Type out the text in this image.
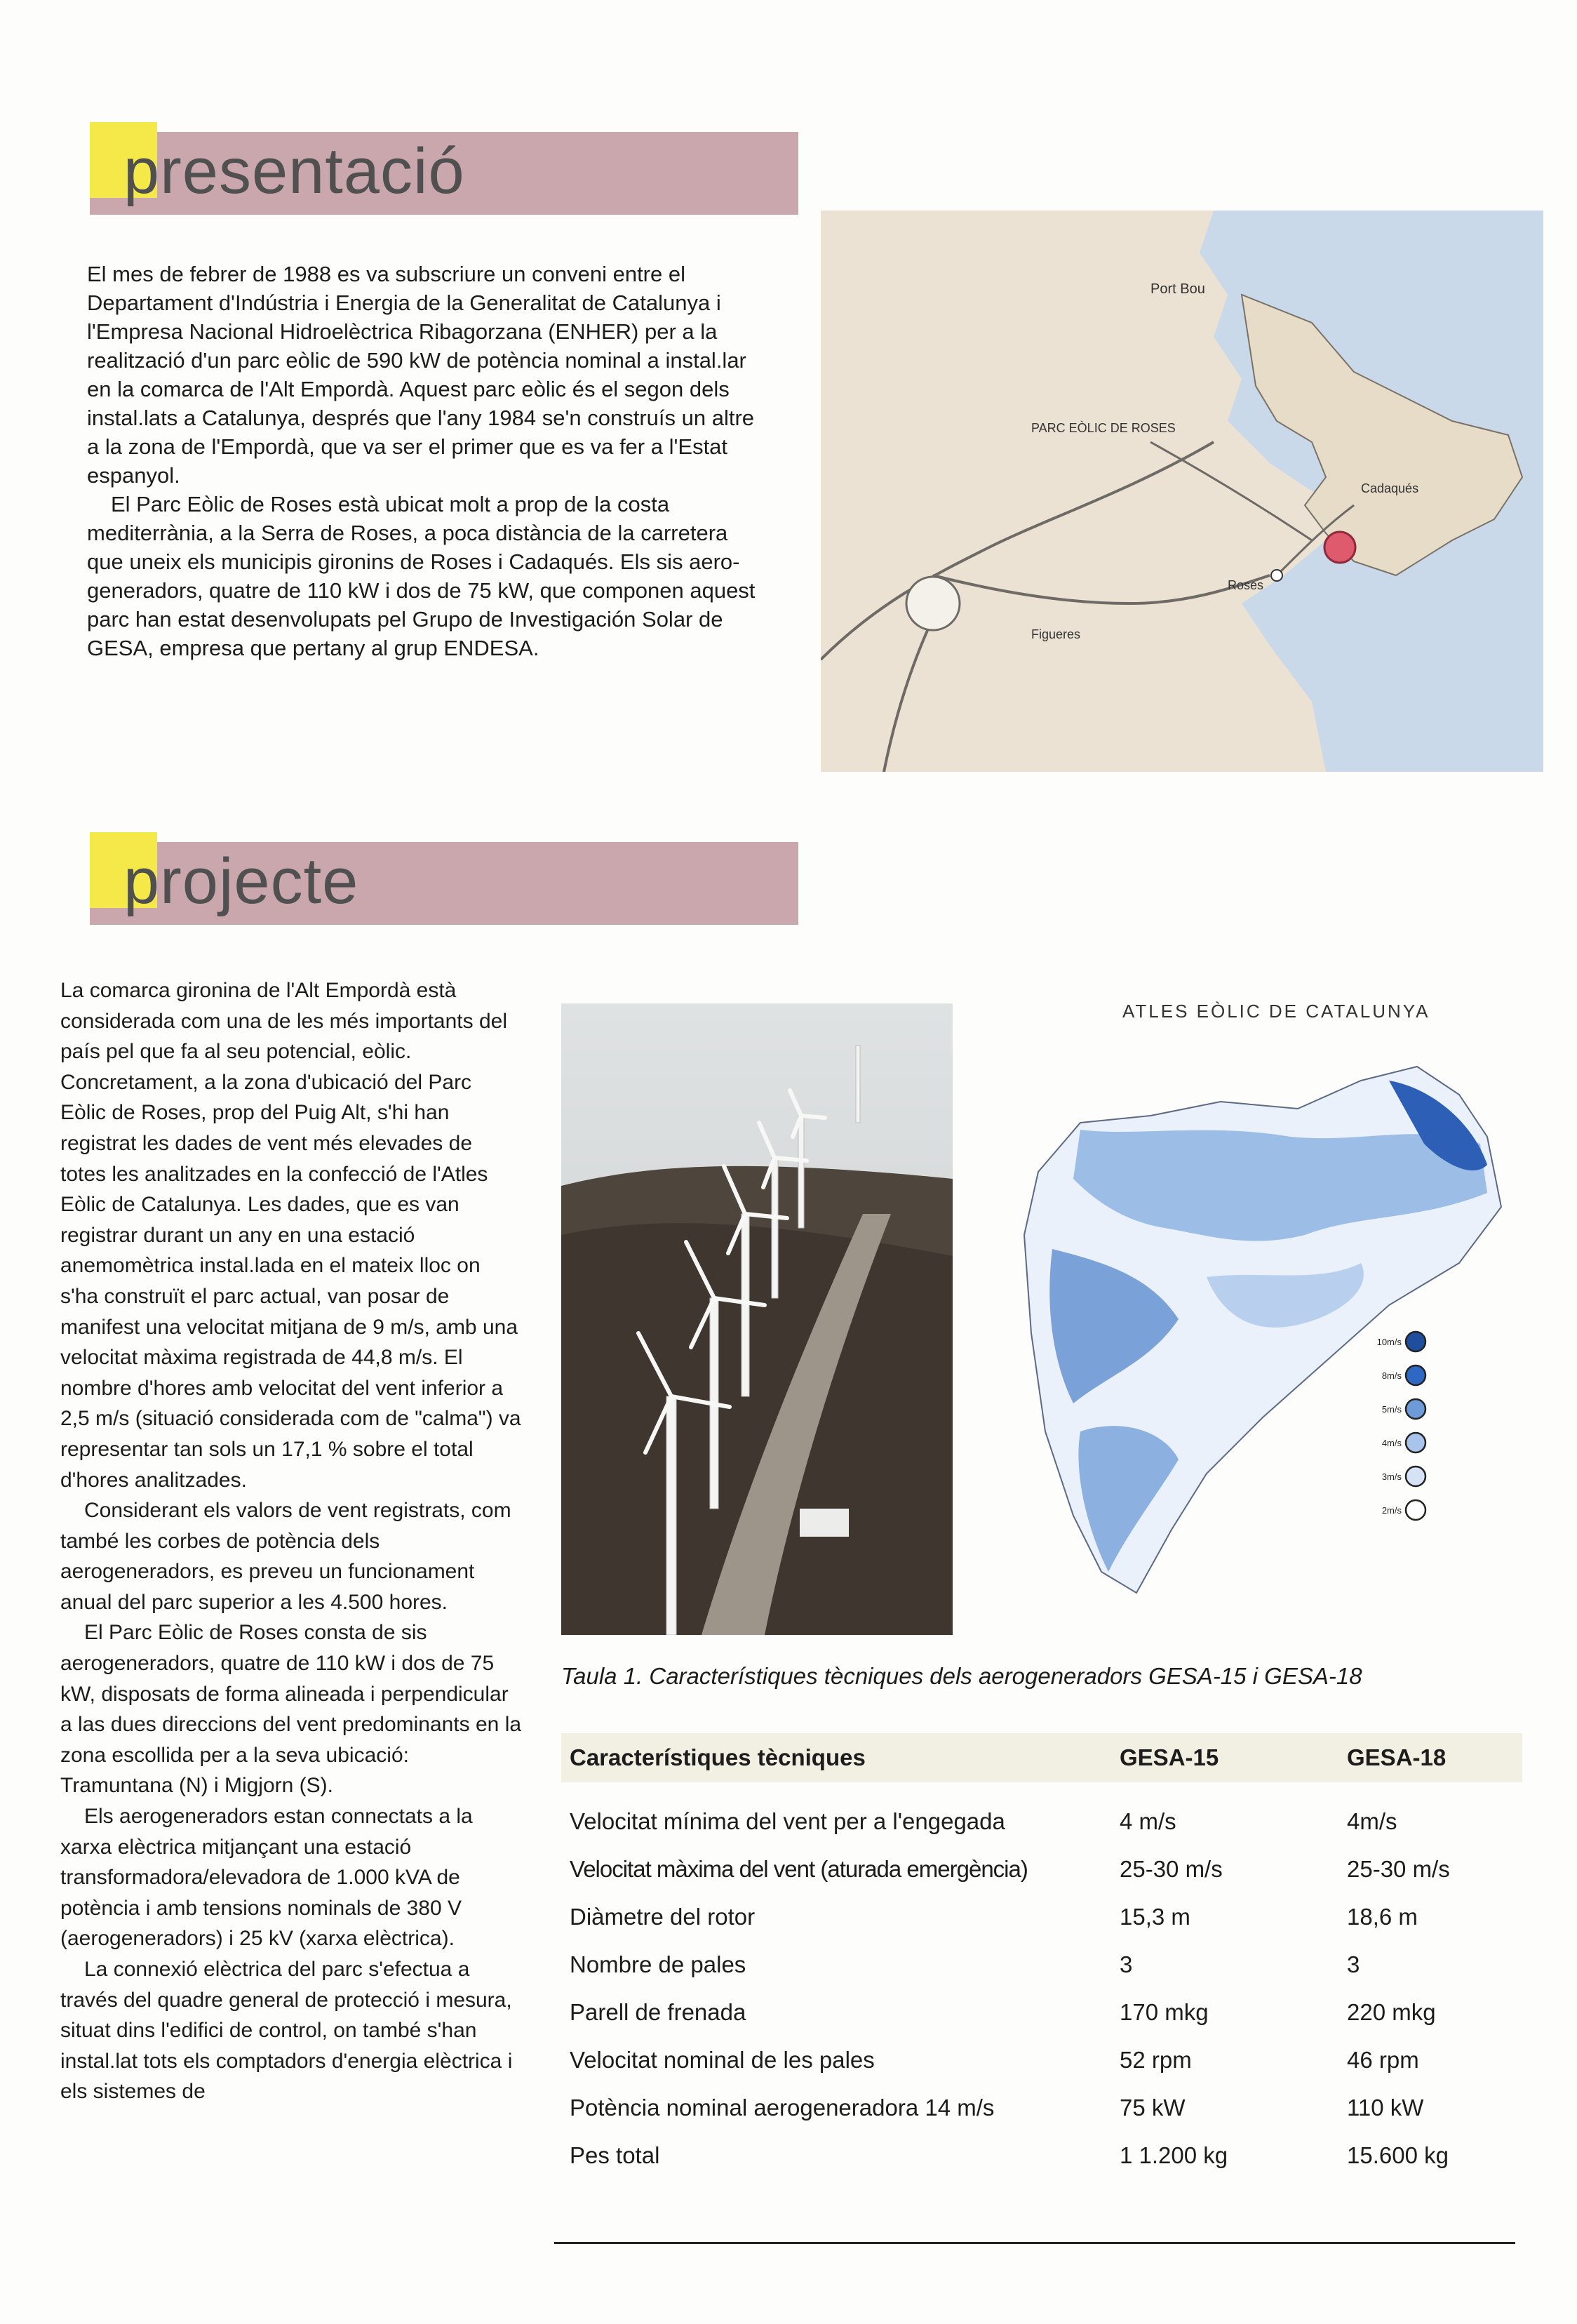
presentació

El mes de febrer de 1988 es va subscriure un conveni entre el Departament d'Indústria i Energia de la Generalitat de Catalunya i l'Empresa Nacional Hidroelèctrica Ribagorzana (ENHER) per a la realització d'un parc eòlic de 590 kW de potència nominal a instal.lar en la comarca de l'Alt Empordà. Aquest parc eòlic és el segon dels instal.lats a Catalunya, després que l'any 1984 se'n construís un altre a la zona de l'Empordà, que va ser el primer que es va fer a l'Estat espanyol.

El Parc Eòlic de Roses està ubicat molt a prop de la costa mediterrània, a la Serra de Roses, a poca distància de la carretera que uneix els municipis gironins de Roses i Cadaqués. Els sis aero-generadors, quatre de 110 kW i dos de 75 kW, que componen aquest parc han estat desenvolupats pel Grupo de Investigación Solar de GESA, empresa que pertany al grup ENDESA.

Port Bou
PARC EÒLIC DE ROSES
Cadaqués
Roses
Figueres
projecte

La comarca gironina de l'Alt Empordà està considerada com una de les més importants del país pel que fa al seu potencial, eòlic. Concretament, a la zona d'ubicació del Parc Eòlic de Roses, prop del Puig Alt, s'hi han registrat les dades de vent més elevades de totes les analitzades en la confecció de l'Atles Eòlic de Catalunya. Les dades, que es van registrar durant un any en una estació anemomètrica instal.lada en el mateix lloc on s'ha construït el parc actual, van posar de manifest una velocitat mitjana de 9 m/s, amb una velocitat màxima registrada de 44,8 m/s. El nombre d'hores amb velocitat del vent inferior a 2,5 m/s (situació considerada com de "calma") va representar tan sols un 17,1 % sobre el total d'hores analitzades.

Considerant els valors de vent registrats, com també les corbes de potència dels aerogeneradors, es preveu un funcionament anual del parc superior a les 4.500 hores.

El Parc Eòlic de Roses consta de sis aerogeneradors, quatre de 110 kW i dos de 75 kW, disposats de forma alineada i perpendicular a las dues direccions del vent predominants en la zona escollida per a la seva ubicació: Tramuntana (N) i Migjorn (S).

Els aerogeneradors estan connectats a la xarxa elèctrica mitjançant una estació transformadora/elevadora de 1.000 kVA de potència i amb tensions nominals de 380 V (aerogeneradors) i 25 kV (xarxa elèctrica).

La connexió elèctrica del parc s'efectua a través del quadre general de protecció i mesura, situat dins l'edifici de control, on també s'han instal.lat tots els comptadors d'energia elèctrica i els sistemes de

ATLES EÒLIC DE CATALUNYA
10m/s
8m/s
5m/s
4m/s
3m/s
2m/s
Taula 1. Característiques tècniques dels aerogeneradors GESA-15 i GESA-18
Característiques tècniques	GESA-15	GESA-18

Velocitat mínima del vent per a l'engegada	4 m/s	4m/s
Velocitat màxima del vent (aturada emergència)	25-30 m/s	25-30 m/s
Diàmetre del rotor	15,3 m	18,6 m
Nombre de pales	3	3
Parell de frenada	170 mkg	220 mkg
Velocitat nominal de les pales	52 rpm	46 rpm
Potència nominal aerogeneradora 14 m/s	75 kW	110 kW
Pes total	1 1.200 kg	15.600 kg
